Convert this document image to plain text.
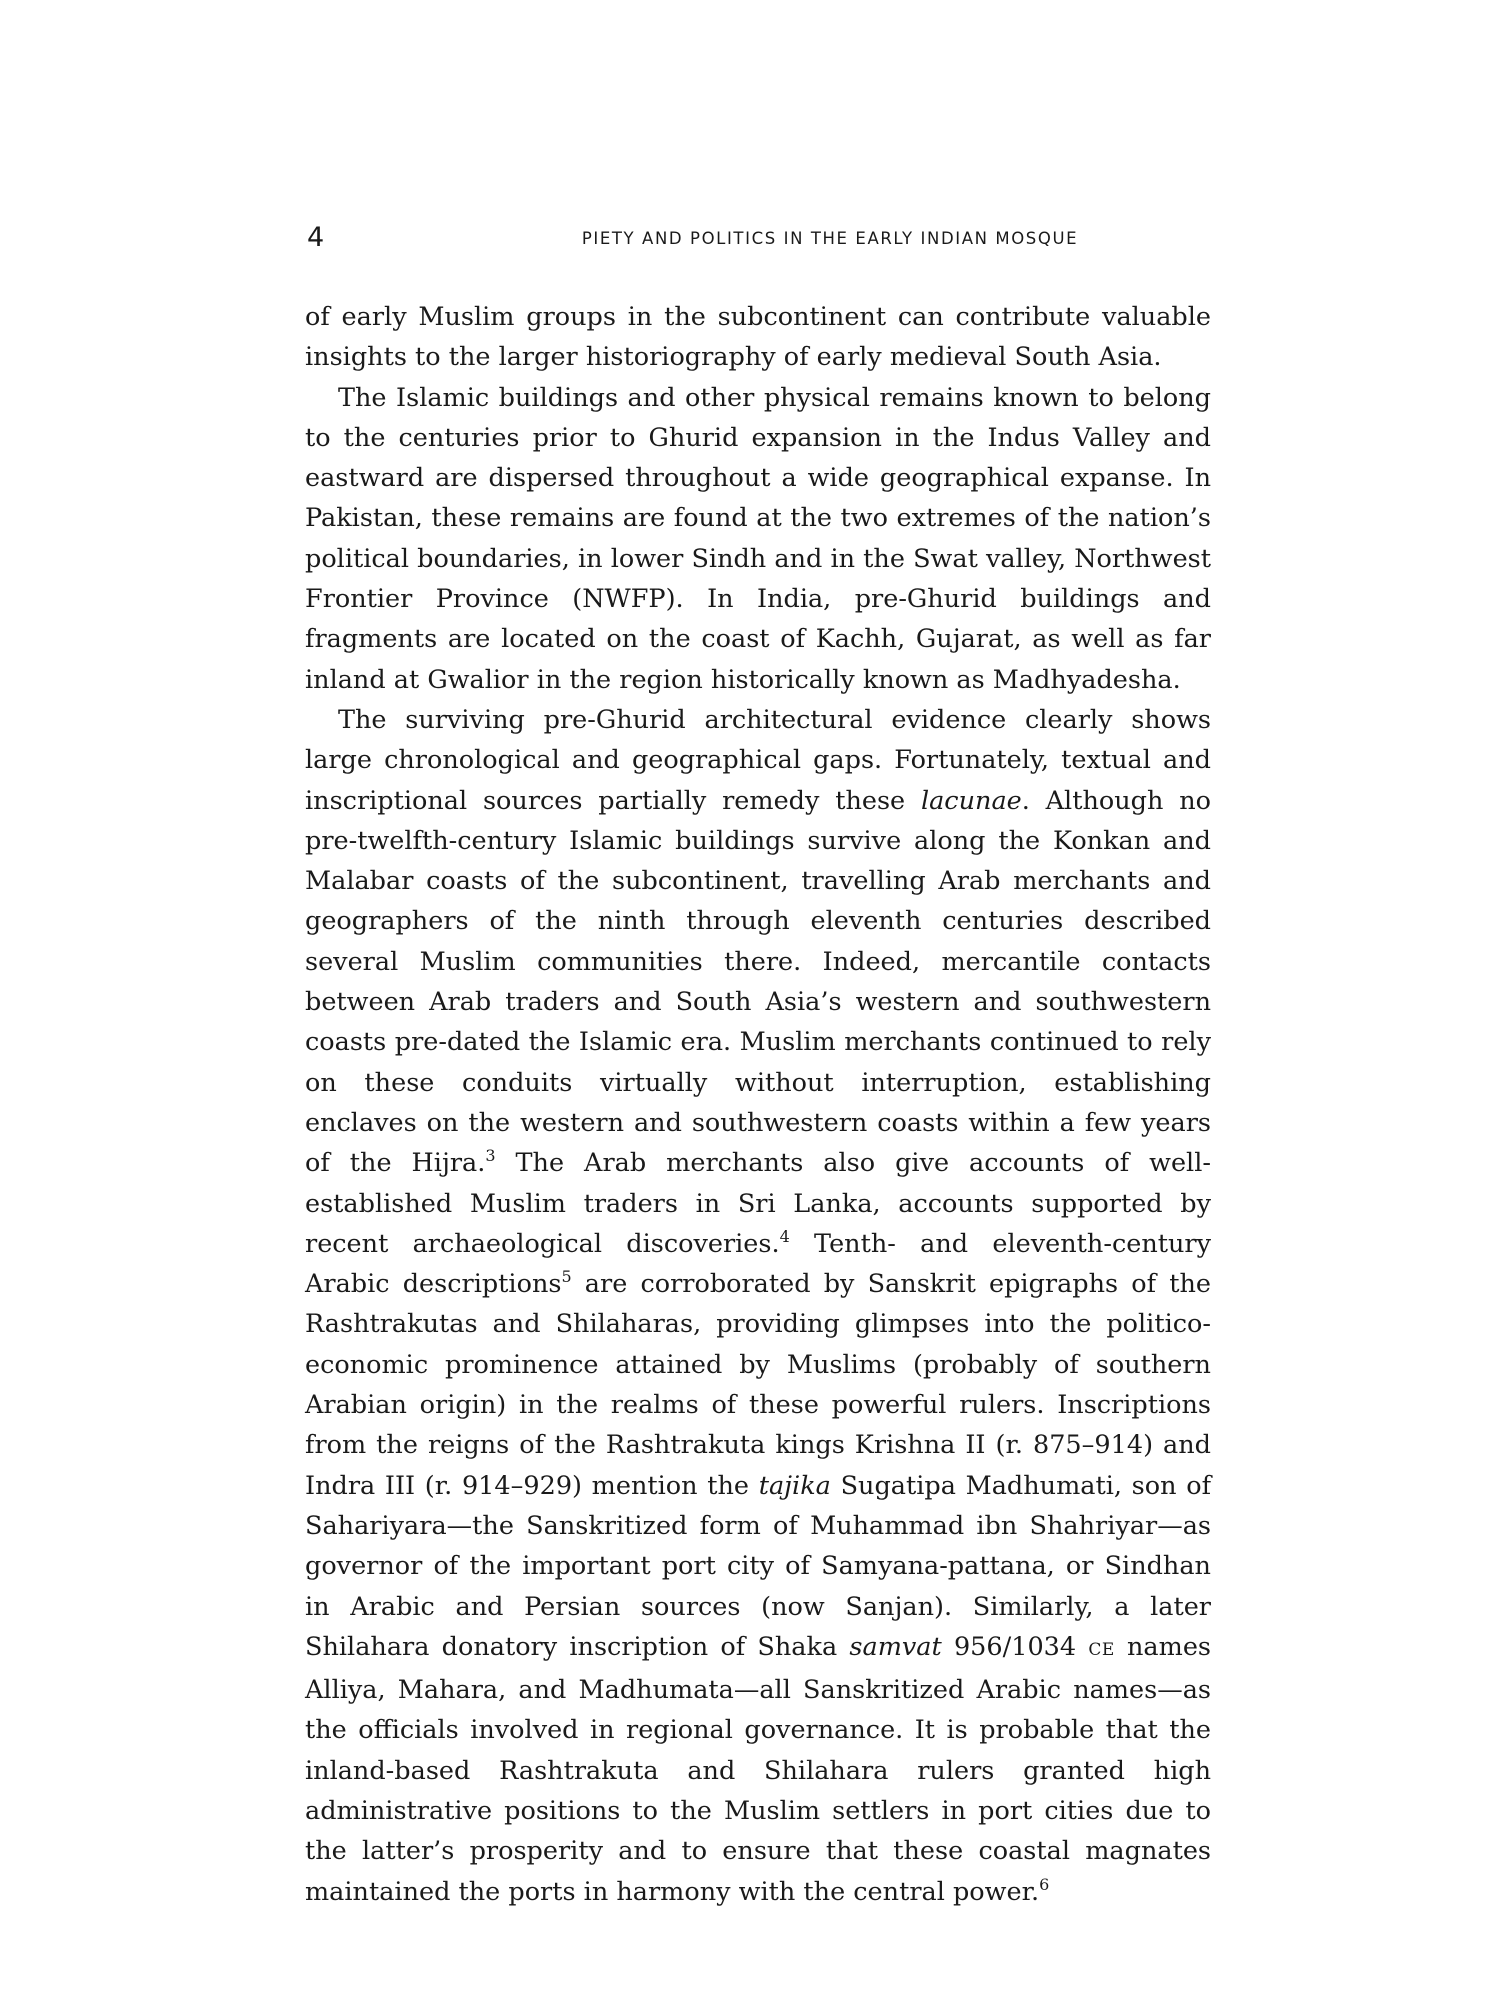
4	PIETY AND POLITICS IN THE EARLY INDIAN MOSQUE

of early Muslim groups in the subcontinent can contribute valuable insights to the larger historiography of early medieval South Asia.

The Islamic buildings and other physical remains known to belong to the centuries prior to Ghurid expansion in the Indus Valley and eastward are dispersed throughout a wide geographical expanse. In Pakistan, these remains are found at the two extremes of the nation’s political boundaries, in lower Sindh and in the Swat valley, Northwest Frontier Province (NWFP). In India, pre-Ghurid buildings and fragments are located on the coast of Kachh, Gujarat, as well as far inland at Gwalior in the region historically known as Madhyadesha.

The surviving pre-Ghurid architectural evidence clearly shows large chronological and geographical gaps. Fortunately, textual and inscriptional sources partially remedy these lacunae. Although no pre-twelfth-century Islamic buildings survive along the Konkan and Malabar coasts of the subcontinent, travelling Arab merchants and geographers of the ninth through eleventh centuries described several Muslim communities there. Indeed, mercantile contacts between Arab traders and South Asia’s western and southwestern coasts pre-dated the Islamic era. Muslim merchants continued to rely on these conduits virtually without interruption, establishing enclaves on the western and southwestern coasts within a few years of the Hijra.$^3$ The Arab merchants also give accounts of well-established Muslim traders in Sri Lanka, accounts supported by recent archaeological discoveries.$^4$ Tenth- and eleventh-century Arabic descriptions$^5$ are corroborated by Sanskrit epigraphs of the Rashtrakutas and Shilaharas, providing glimpses into the politico-economic prominence attained by Muslims (probably of southern Arabian origin) in the realms of these powerful rulers. Inscriptions from the reigns of the Rashtrakuta kings Krishna II (r. 875–914) and Indra III (r. 914–929) mention the tajika Sugatipa Madhumati, son of Sahariyara—the Sanskritized form of Muhammad ibn Shahriyar—as governor of the important port city of Samyana-pattana, or Sindhan in Arabic and Persian sources (now Sanjan). Similarly, a later Shilahara donatory inscription of Shaka samvat 956/1034 CE names Alliya, Mahara, and Madhumata—all Sanskritized Arabic names—as the officials involved in regional governance. It is probable that the inland-based Rashtrakuta and Shilahara rulers granted high administrative positions to the Muslim settlers in port cities due to the latter’s prosperity and to ensure that these coastal magnates maintained the ports in harmony with the central power.$^6$
